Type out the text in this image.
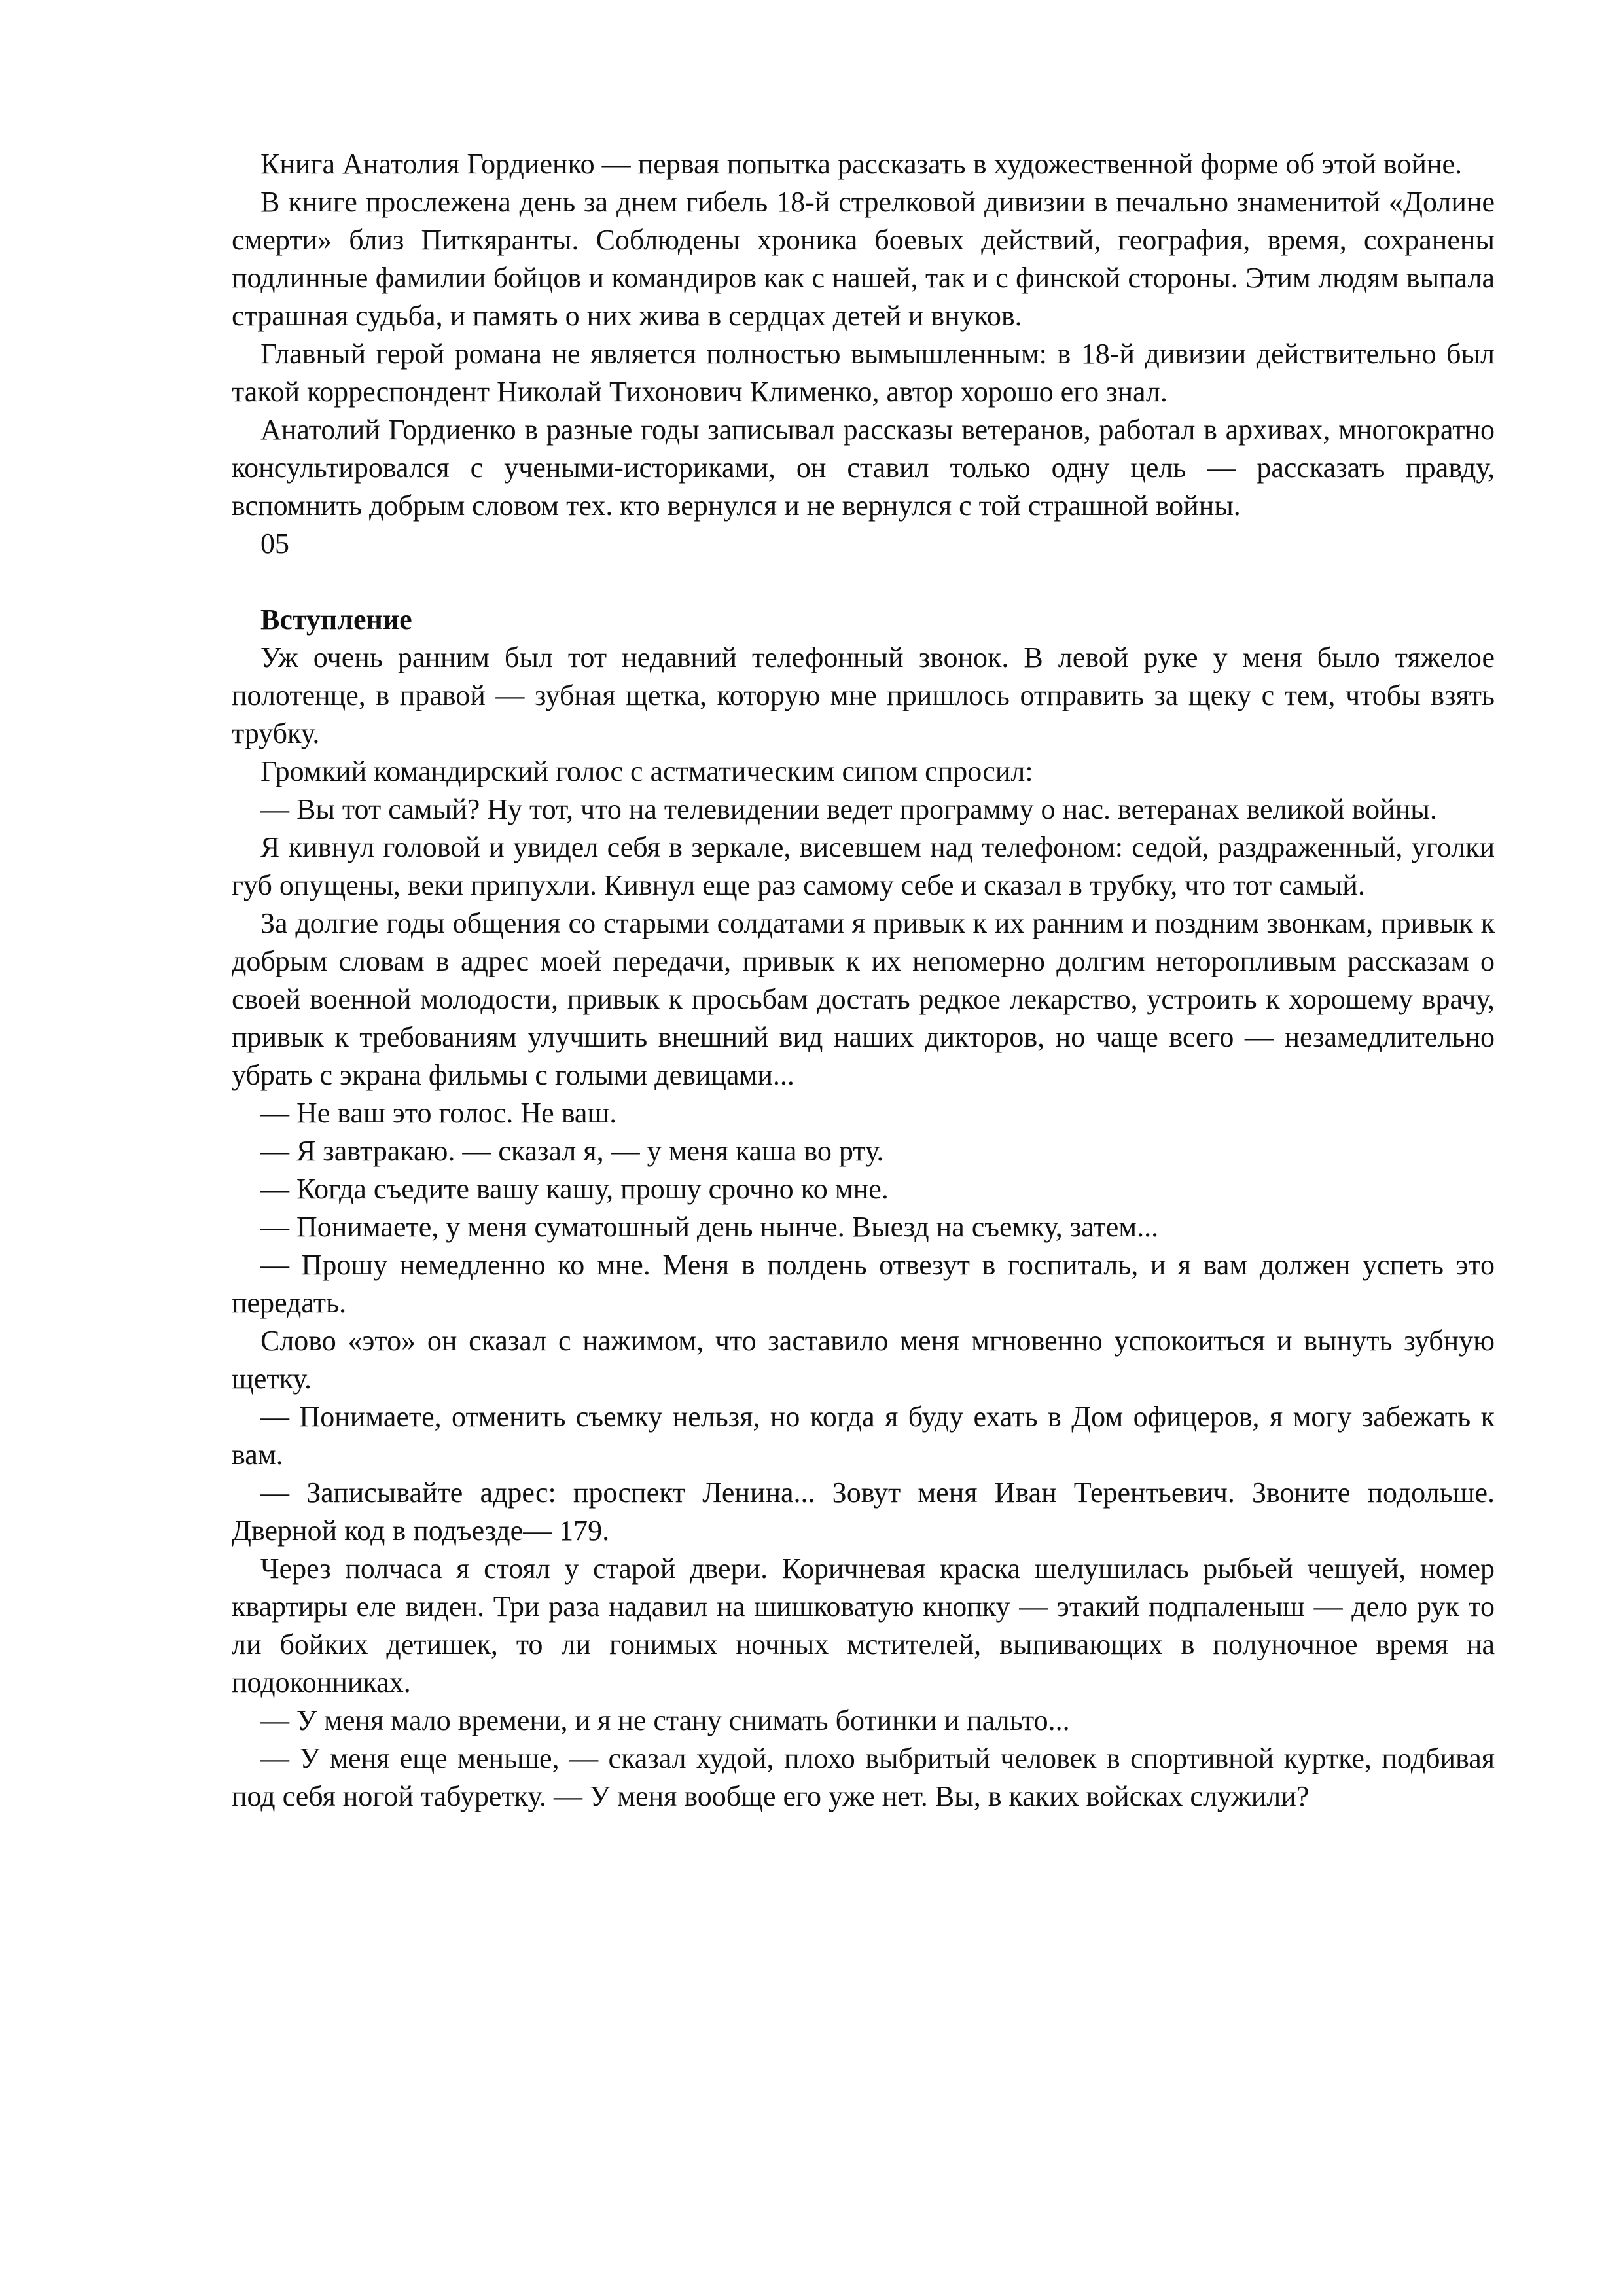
Книга Анатолия Гордиенко — первая попытка рассказать в художественной форме об этой войне.

В книге прослежена день за днем гибель 18-й стрелковой дивизии в печально знаменитой «Долине смерти» близ Питкяранты. Соблюдены хроника боевых действий, география, время, сохранены подлинные фамилии бойцов и командиров как с нашей, так и с финской стороны. Этим людям выпала страшная судьба, и память о них жива в сердцах детей и внуков.

Главный герой романа не является полностью вымышленным: в 18-й дивизии действительно был такой корреспондент Николай Тихонович Клименко, автор хорошо его знал.

Анатолий Гордиенко в разные годы записывал рассказы ветеранов, работал в архивах, многократно консультировался с учеными-историками, он ставил только одну цель — рассказать правду, вспомнить добрым словом тех. кто вернулся и не вернулся с той страшной войны.

05

Вступление

Уж очень ранним был тот недавний телефонный звонок. В левой руке у меня было тяжелое полотенце, в правой — зубная щетка, которую мне пришлось отправить за щеку с тем, чтобы взять трубку.

Громкий командирский голос с астматическим сипом спросил:

— Вы тот самый? Ну тот, что на телевидении ведет программу о нас. ветеранах великой войны.

Я кивнул головой и увидел себя в зеркале, висевшем над телефоном: седой, раздраженный, уголки губ опущены, веки припухли. Кивнул еще раз самому себе и сказал в трубку, что тот самый.

За долгие годы общения со старыми солдатами я привык к их ранним и поздним звонкам, привык к добрым словам в адрес моей передачи, привык к их непомерно долгим неторопливым рассказам о своей военной молодости, привык к просьбам достать редкое лекарство, устроить к хорошему врачу, привык к требованиям улучшить внешний вид наших дикторов, но чаще всего — незамедлительно убрать с экрана фильмы с голыми девицами...

— Не ваш это голос. Не ваш.

— Я завтракаю. — сказал я, — у меня каша во рту.

— Когда съедите вашу кашу, прошу срочно ко мне.

— Понимаете, у меня суматошный день нынче. Выезд на съемку, затем...

— Прошу немедленно ко мне. Меня в полдень отвезут в госпиталь, и я вам должен успеть это передать.

Слово «это» он сказал с нажимом, что заставило меня мгновенно успокоиться и вынуть зубную щетку.

— Понимаете, отменить съемку нельзя, но когда я буду ехать в Дом офицеров, я могу забежать к вам.

— Записывайте адрес: проспект Ленина... Зовут меня Иван Терентьевич. Звоните подольше. Дверной код в подъезде— 179.

Через полчаса я стоял у старой двери. Коричневая краска шелушилась рыбьей чешуей, номер квартиры еле виден. Три раза надавил на шишковатую кнопку — этакий подпаленыш — дело рук то ли бойких детишек, то ли гонимых ночных мстителей, выпивающих в полуночное время на подоконниках.

— У меня мало времени, и я не стану снимать ботинки и пальто...

— У меня еще меньше, — сказал худой, плохо выбритый человек в спортивной куртке, подбивая под себя ногой табуретку. — У меня вообще его уже нет. Вы, в каких войсках служили?
